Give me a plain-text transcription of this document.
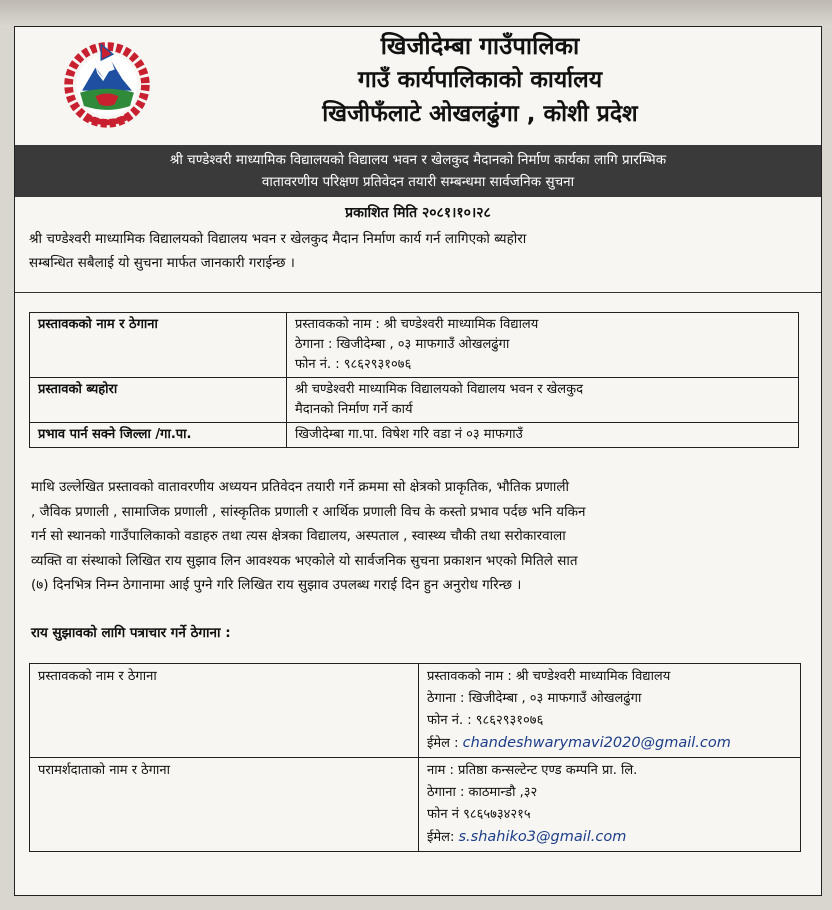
खिजीदेम्बा गाउँपालिका
गाउँ कार्यपालिकाको कार्यालय
खिजीफँलाटे ओखलढुंगा , कोशी प्रदेश
श्री चण्डेश्वरी माध्यामिक विद्यालयको विद्यालय भवन र खेलकुद मैदानको निर्माण कार्यका लागि प्रारम्भिक
वातावरणीय परिक्षण प्रतिवेदन तयारी सम्बन्धमा सार्वजनिक सुचना
प्रकाशित मिति २०८१।१०।२८
श्री चण्डेश्वरी माध्यामिक विद्यालयको विद्यालय भवन र खेलकुद मैदान निर्माण कार्य गर्न लागिएको ब्यहोरा
सम्बन्धित सबैलाई यो सुचना मार्फत जानकारी गराईन्छ ।
प्रस्तावकको नाम र ठेगाना	प्रस्तावकको नाम : श्री चण्डेश्वरी माध्यामिक विद्यालय
ठेगाना : खिजीदेम्बा , ०३ माफगाउँ ओखलढुंगा
फोन नं. : ९८६२९३१०७६

प्रस्तावको ब्यहोरा	श्री चण्डेश्वरी माध्यामिक विद्यालयको विद्यालय भवन र खेलकुद
मैदानको निर्माण गर्ने कार्य

प्रभाव पार्न सक्ने जिल्ला /गा.पा.	खिजीदेम्बा गा.पा. विषेश गरि वडा नं ०३ माफगाउँ
माथि उल्लेखित प्रस्तावको वातावरणीय अध्ययन प्रतिवेदन तयारी गर्ने क्रममा सो क्षेत्रको प्राकृतिक, भौतिक प्रणाली
, जैविक प्रणाली , सामाजिक प्रणाली , सांस्कृतिक प्रणाली र आर्थिक प्रणाली विच के कस्तो प्रभाव पर्दछ भनि यकिन
गर्न सो स्थानको गाउँपालिकाको वडाहरु तथा त्यस क्षेत्रका विद्यालय, अस्पताल , स्वास्थ्य चौकी तथा सरोकारवाला
व्यक्ति वा संस्थाको लिखित राय सुझाव लिन आवश्यक भएकोले यो सार्वजनिक सुचना प्रकाशन भएको मितिले सात
(७) दिनभित्र निम्न ठेगानामा आई पुग्ने गरि लिखित राय सुझाव उपलब्ध गराई दिन हुन अनुरोध गरिन्छ ।
राय सुझावको लागि पत्राचार गर्ने ठेगाना :
प्रस्तावकको नाम र ठेगाना	प्रस्तावकको नाम : श्री चण्डेश्वरी माध्यामिक विद्यालय
ठेगाना : खिजीदेम्बा , ०३ माफगाउँ ओखलढुंगा
फोन नं. : ९८६२९३१०७६
ईमेल : chandeshwarymavi2020@gmail.com

परामर्शदाताको नाम र ठेगाना	नाम : प्रतिष्ठा कन्सल्टेन्ट एण्ड कम्पनि प्रा. लि.
ठेगाना : काठमान्डौ ,३२
फोन नं ९८६५७३४२१५
ईमेल: s.shahiko3@gmail.com
